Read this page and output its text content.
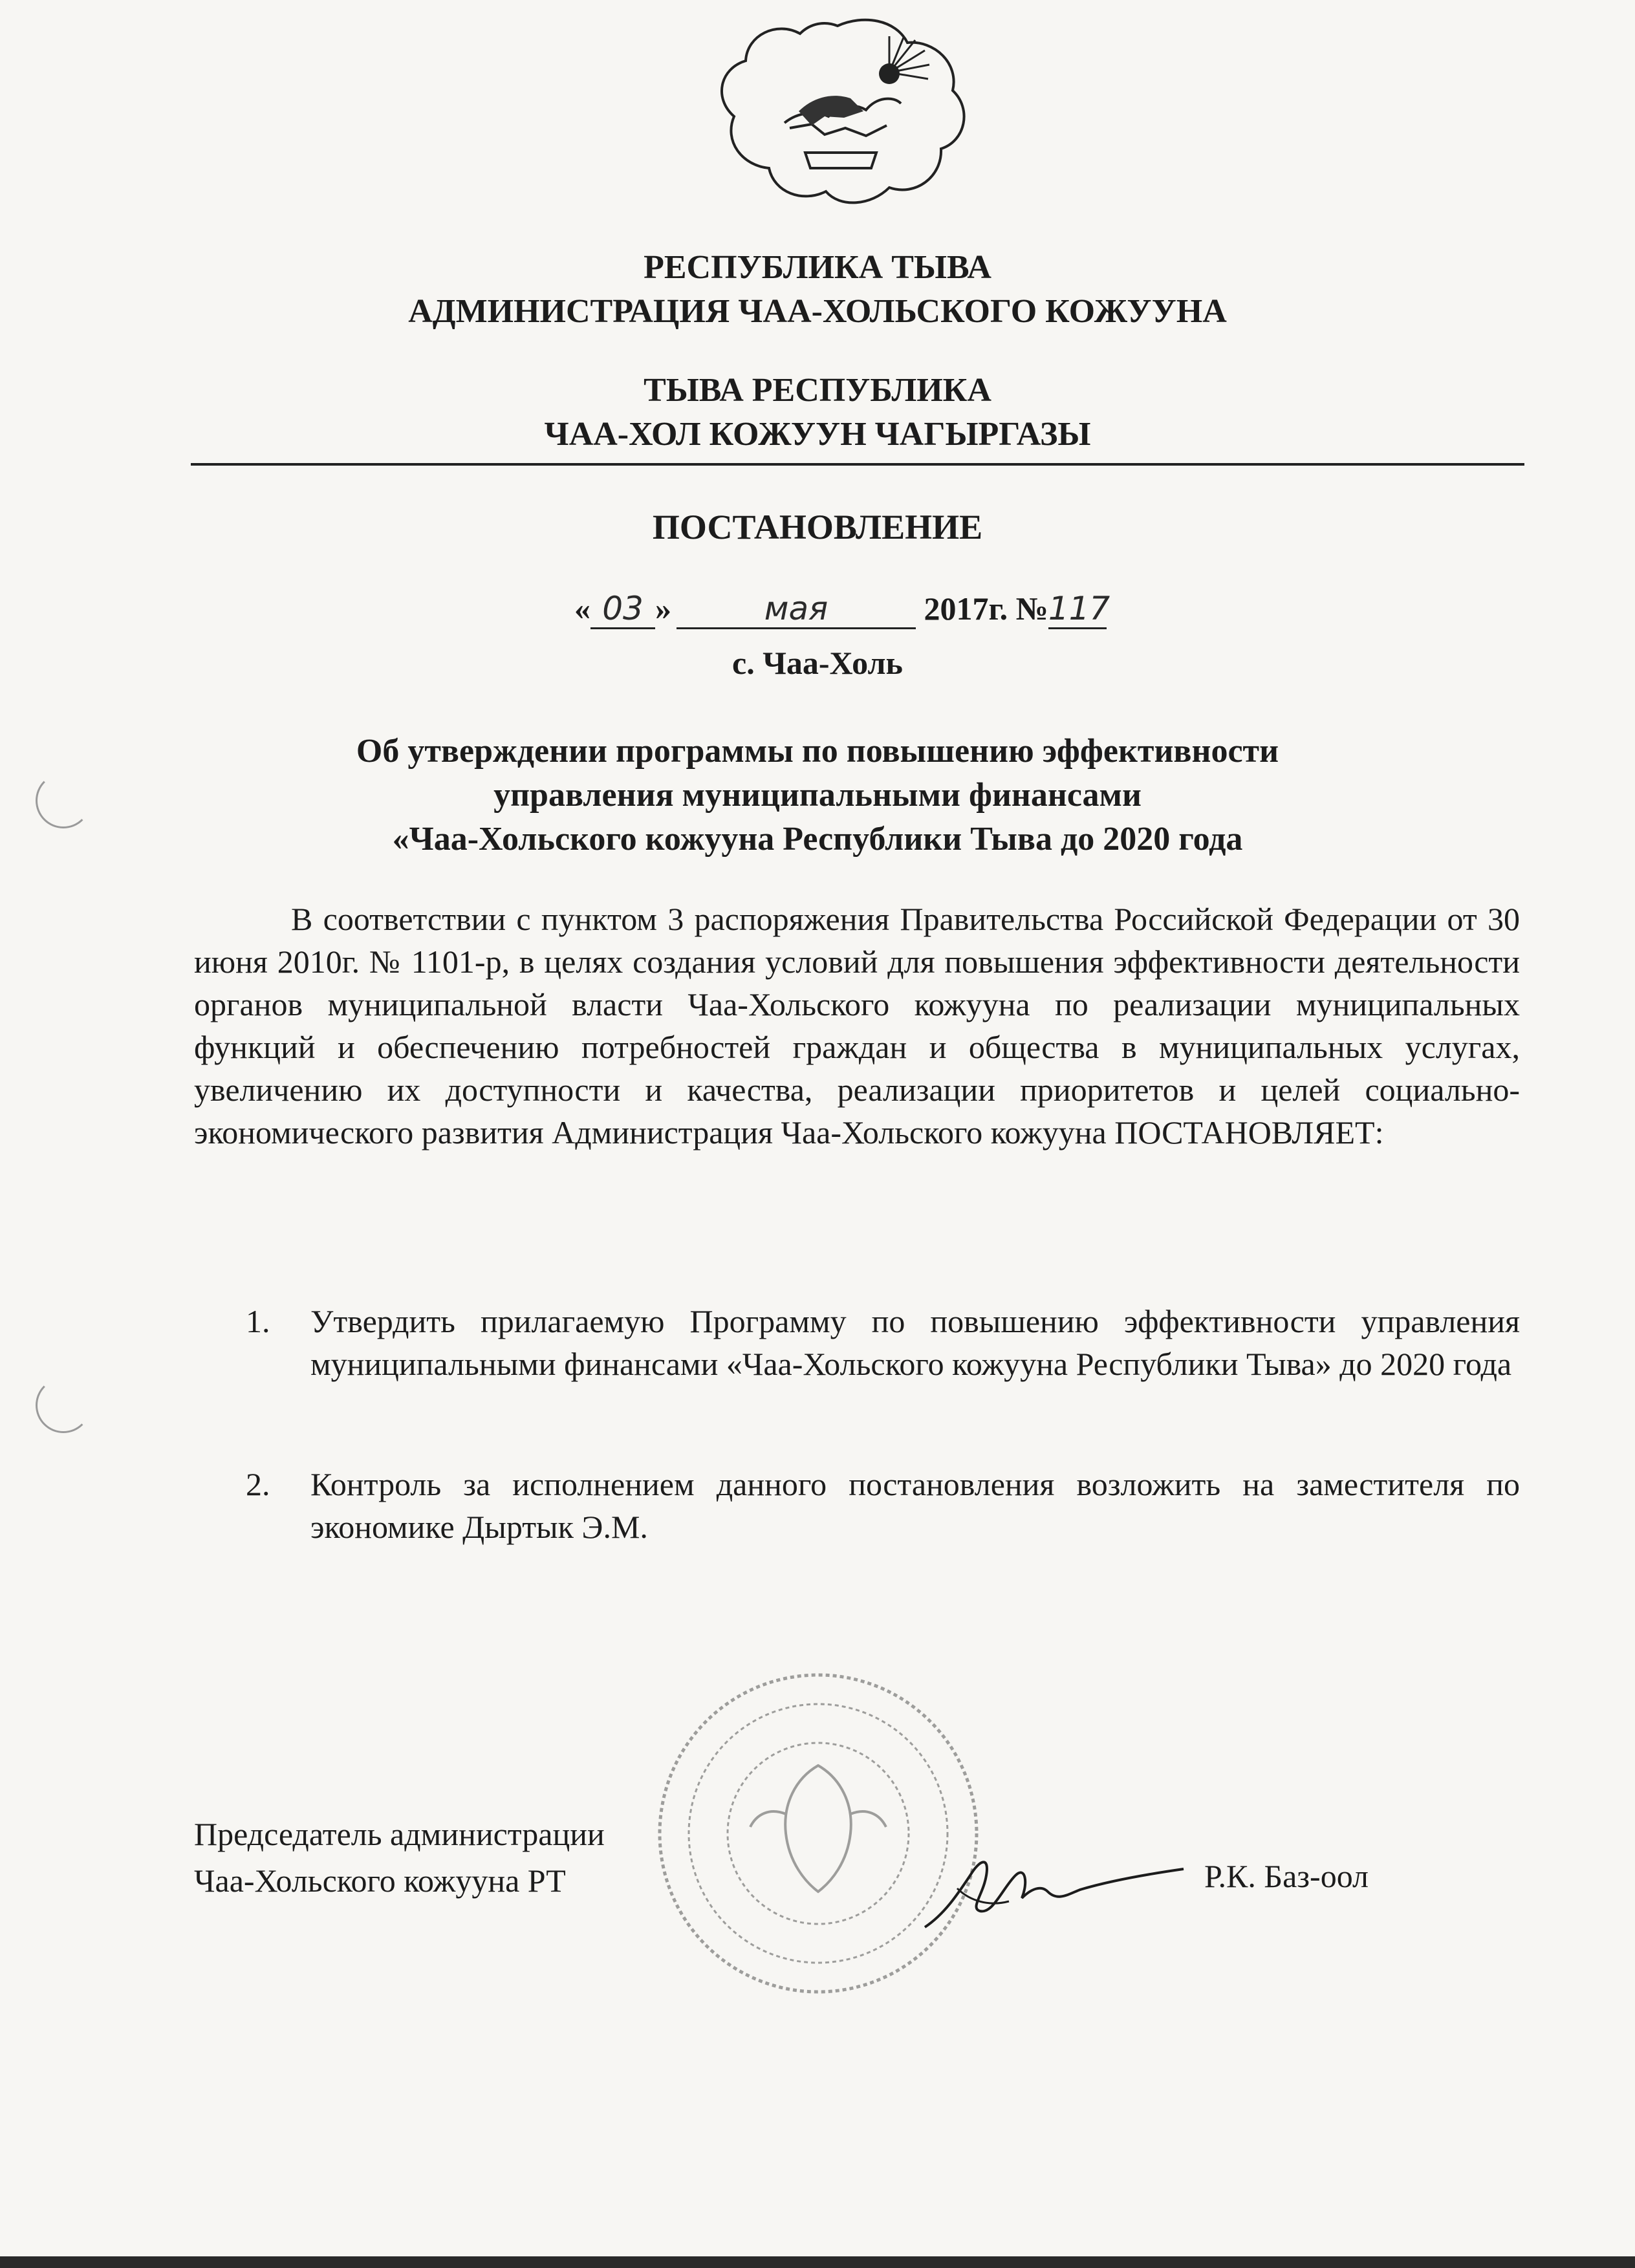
РЕСПУБЛИКА ТЫВА
АДМИНИСТРАЦИЯ ЧАА-ХОЛЬСКОГО КОЖУУНА
ТЫВА РЕСПУБЛИКА
ЧАА-ХОЛ КОЖУУН ЧАГЫРГАЗЫ
ПОСТАНОВЛЕНИЕ
« 03 »	мая	2017г. №117
с. Чаа-Холь
Об утверждении программы по повышению эффективности
управления муниципальными финансами
«Чаа-Хольского кожууна Республики Тыва до 2020 года
В соответствии с пунктом 3 распоряжения Правительства Российской Федерации от 30 июня 2010г. № 1101-р, в целях создания условий для повышения эффективности деятельности органов муниципальной власти Чаа-Хольского кожууна по реализации муниципальных функций и обеспечению потребностей граждан и общества в муниципальных услугах, увеличению их доступности и качества, реализации приоритетов и целей социально-экономического развития Администрация Чаа-Хольского кожууна ПОСТАНОВЛЯЕТ:
1. Утвердить прилагаемую Программу по повышению эффективности управления муниципальными финансами «Чаа-Хольского кожууна Республики Тыва» до 2020 года
2. Контроль за исполнением данного постановления возложить на заместителя по экономике Дыртык Э.М.
Председатель администрации
Чаа-Хольского кожууна РТ	Р.К. Баз-оол
